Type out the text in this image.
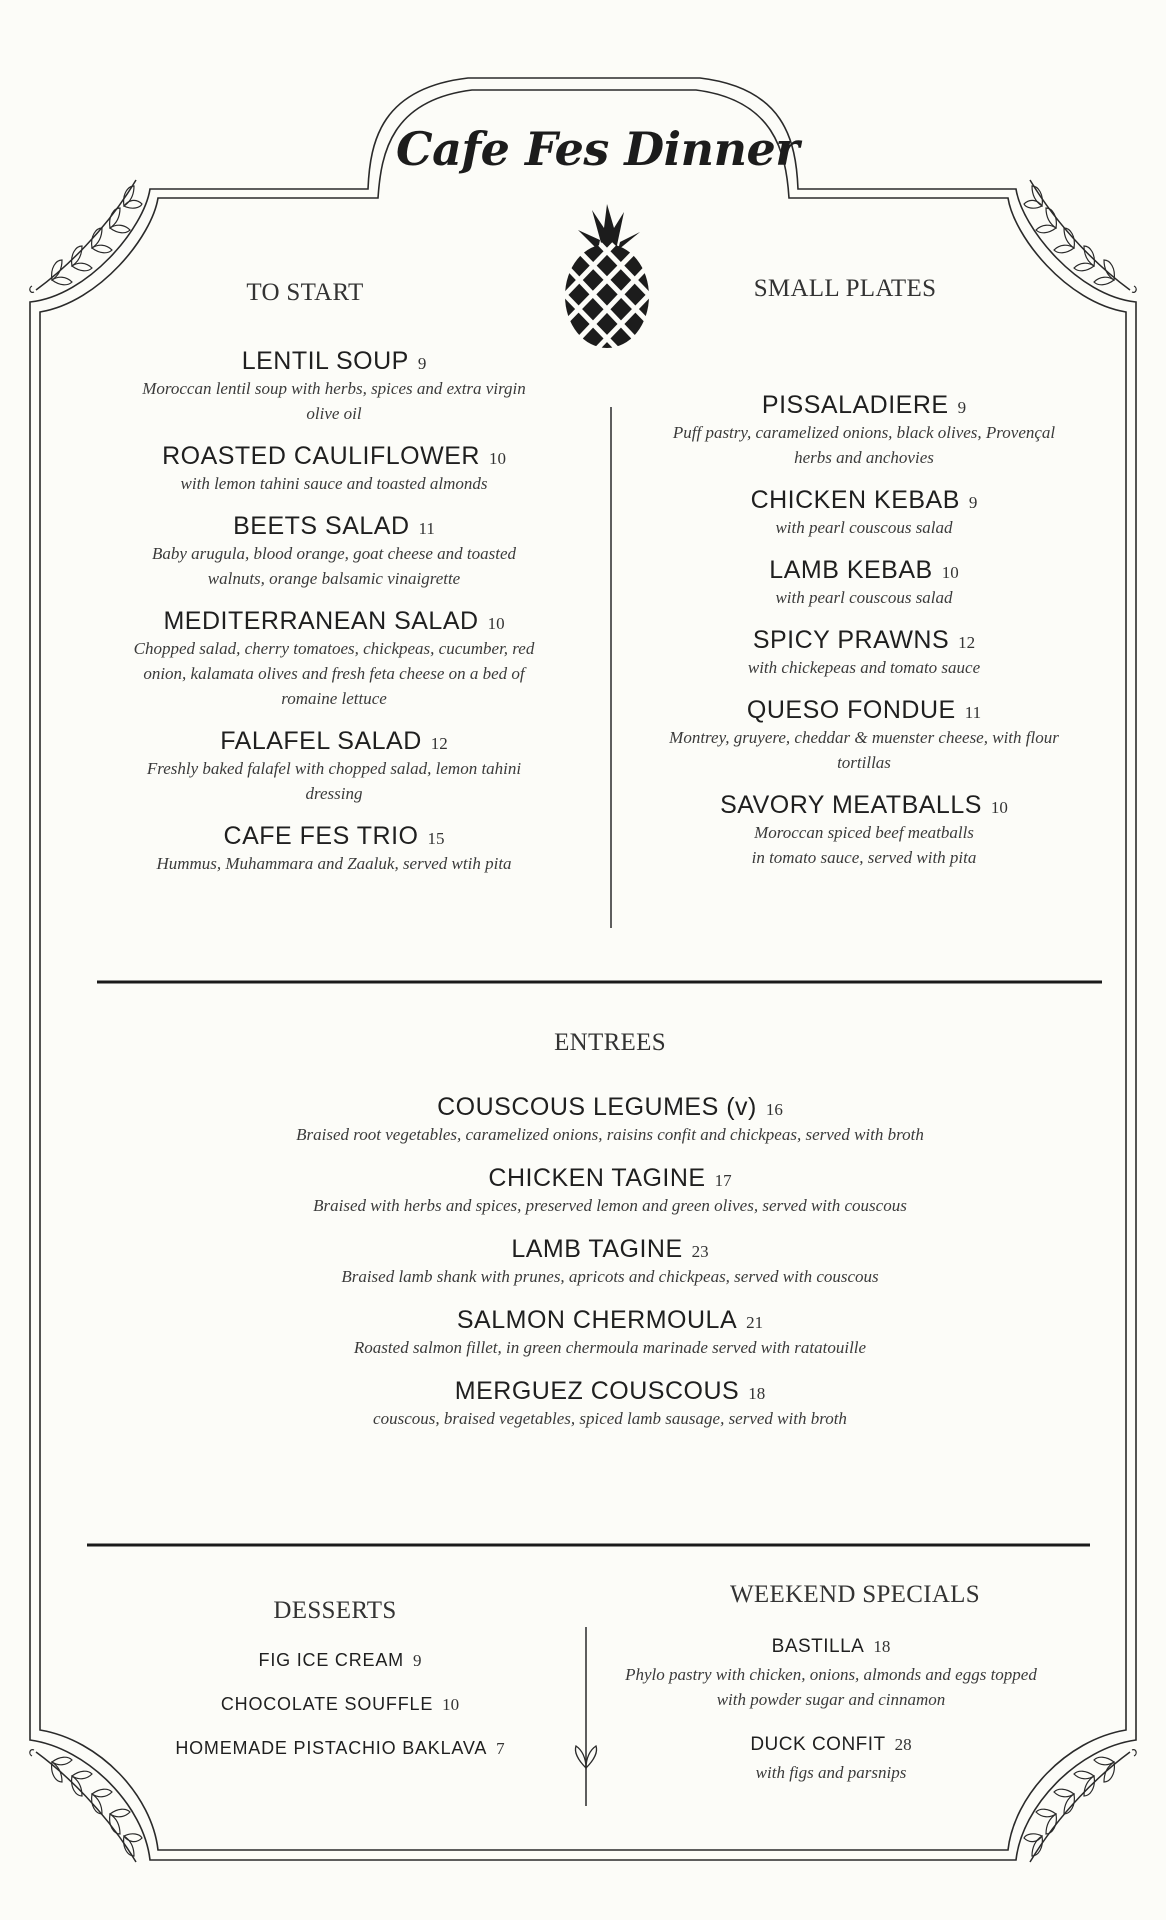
Cafe Fes Dinner
TO START
LENTIL SOUP 9
Moroccan lentil soup with herbs, spices and extra virgin
olive oil
ROASTED CAULIFLOWER 10
with lemon tahini sauce and toasted almonds
BEETS SALAD 11
Baby arugula, blood orange, goat cheese and toasted
walnuts, orange balsamic vinaigrette
MEDITERRANEAN SALAD 10
Chopped salad, cherry tomatoes, chickpeas, cucumber, red
onion, kalamata olives and fresh feta cheese on a bed of
romaine lettuce
FALAFEL SALAD 12
Freshly baked falafel with chopped salad, lemon tahini
dressing
CAFE FES TRIO 15
Hummus, Muhammara and Zaaluk, served wtih pita
SMALL PLATES
PISSALADIERE 9
Puff pastry, caramelized onions, black olives, Provençal
herbs and anchovies
CHICKEN KEBAB 9
with pearl couscous salad
LAMB KEBAB 10
with pearl couscous salad
SPICY PRAWNS 12
with chickepeas and tomato sauce
QUESO FONDUE 11
Montrey, gruyere, cheddar & muenster cheese, with flour
tortillas
SAVORY MEATBALLS 10
Moroccan spiced beef meatballs
in tomato sauce, served with pita
ENTREES
COUSCOUS LEGUMES (v) 16
Braised root vegetables, caramelized onions, raisins confit and chickpeas, served with broth
CHICKEN TAGINE 17
Braised with herbs and spices, preserved lemon and green olives, served with couscous
LAMB TAGINE 23
Braised lamb shank with prunes, apricots and chickpeas, served with couscous
SALMON CHERMOULA 21
Roasted salmon fillet, in green chermoula marinade served with ratatouille
MERGUEZ COUSCOUS 18
couscous, braised vegetables, spiced lamb sausage, served with broth
DESSERTS
FIG ICE CREAM 9
CHOCOLATE SOUFFLE 10
HOMEMADE PISTACHIO BAKLAVA 7
WEEKEND SPECIALS
BASTILLA 18
Phylo pastry with chicken, onions, almonds and eggs topped
with powder sugar and cinnamon
DUCK CONFIT 28
with figs and parsnips
